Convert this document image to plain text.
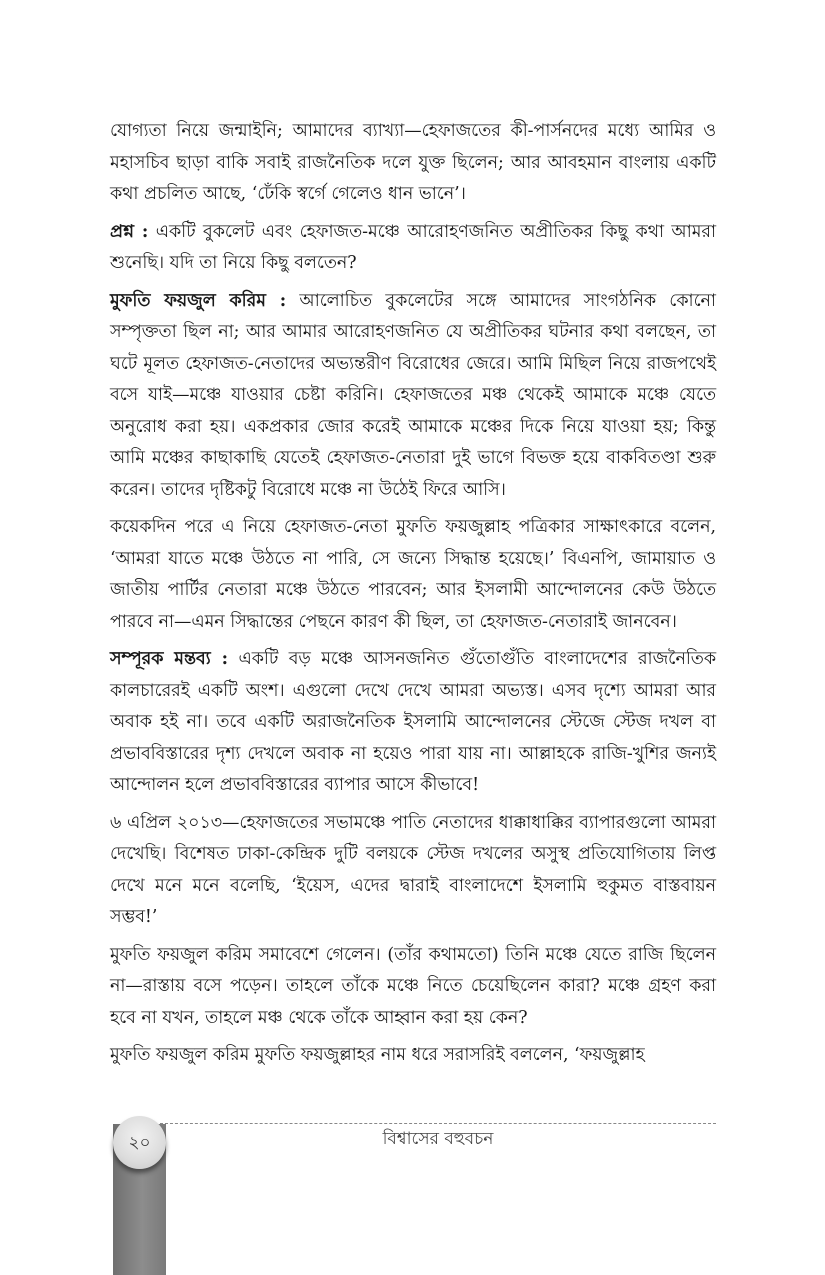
যোগ্যতা নিয়ে জন্মাইনি; আমাদের ব্যাখ্যা—হেফাজতের কী-পার্সনদের মধ্যে আমির ও মহাসচিব ছাড়া বাকি সবাই রাজনৈতিক দলে যুক্ত ছিলেন; আর আবহমান বাংলায় একটি কথা প্রচলিত আছে, ‘ঢেঁকি স্বর্গে গেলেও ধান ভানে’।

প্রশ্ন : একটি বুকলেট এবং হেফাজত-মঞ্চে আরোহণজনিত অপ্রীতিকর কিছু কথা আমরা শুনেছি। যদি তা নিয়ে কিছু বলতেন?

মুফতি ফয়জুল করিম : আলোচিত বুকলেটের সঙ্গে আমাদের সাংগঠনিক কোনো সম্পৃক্ততা ছিল না; আর আমার আরোহণজনিত যে অপ্রীতিকর ঘটনার কথা বলছেন, তা ঘটে মূলত হেফাজত-নেতাদের অভ্যন্তরীণ বিরোধের জেরে। আমি মিছিল নিয়ে রাজপথেই বসে যাই—মঞ্চে যাওয়ার চেষ্টা করিনি। হেফাজতের মঞ্চ থেকেই আমাকে মঞ্চে যেতে অনুরোধ করা হয়। একপ্রকার জোর করেই আমাকে মঞ্চের দিকে নিয়ে যাওয়া হয়; কিন্তু আমি মঞ্চের কাছাকাছি যেতেই হেফাজত-নেতারা দুই ভাগে বিভক্ত হয়ে বাকবিতণ্ডা শুরু করেন। তাদের দৃষ্টিকটু বিরোধে মঞ্চে না উঠেই ফিরে আসি।

কয়েকদিন পরে এ নিয়ে হেফাজত-নেতা মুফতি ফয়জুল্লাহ পত্রিকার সাক্ষাৎকারে বলেন, ‘আমরা যাতে মঞ্চে উঠতে না পারি, সে জন্যে সিদ্ধান্ত হয়েছে।’ বিএনপি, জামায়াত ও জাতীয় পার্টির নেতারা মঞ্চে উঠতে পারবেন; আর ইসলামী আন্দোলনের কেউ উঠতে পারবে না—এমন সিদ্ধান্তের পেছনে কারণ কী ছিল, তা হেফাজত-নেতারাই জানবেন।

সম্পূরক মন্তব্য : একটি বড় মঞ্চে আসনজনিত গুঁতোগুঁতি বাংলাদেশের রাজনৈতিক কালচারেরই একটি অংশ। এগুলো দেখে দেখে আমরা অভ্যস্ত। এসব দৃশ্যে আমরা আর অবাক হই না। তবে একটি অরাজনৈতিক ইসলামি আন্দোলনের স্টেজে স্টেজ দখল বা প্রভাববিস্তারের দৃশ্য দেখলে অবাক না হয়েও পারা যায় না। আল্লাহকে রাজি-খুশির জন্যই আন্দোলন হলে প্রভাববিস্তারের ব্যাপার আসে কীভাবে!

৬ এপ্রিল ২০১৩—হেফাজতের সভামঞ্চে পাতি নেতাদের ধাক্কাধাক্কির ব্যাপারগুলো আমরা দেখেছি। বিশেষত ঢাকা-কেন্দ্রিক দুটি বলয়কে স্টেজ দখলের অসুস্থ প্রতিযোগিতায় লিপ্ত দেখে মনে মনে বলেছি, ‘ইয়েস, এদের দ্বারাই বাংলাদেশে ইসলামি হুকুমত বাস্তবায়ন সম্ভব!’

মুফতি ফয়জুল করিম সমাবেশে গেলেন। (তাঁর কথামতো) তিনি মঞ্চে যেতে রাজি ছিলেন না—রাস্তায় বসে পড়েন। তাহলে তাঁকে মঞ্চে নিতে চেয়েছিলেন কারা? মঞ্চে গ্রহণ করা হবে না যখন, তাহলে মঞ্চ থেকে তাঁকে আহ্বান করা হয় কেন?

মুফতি ফয়জুল করিম মুফতি ফয়জুল্লাহর নাম ধরে সরাসরিই বললেন, ‘ফয়জুল্লাহ

২০	বিশ্বাসের বহুবচন
